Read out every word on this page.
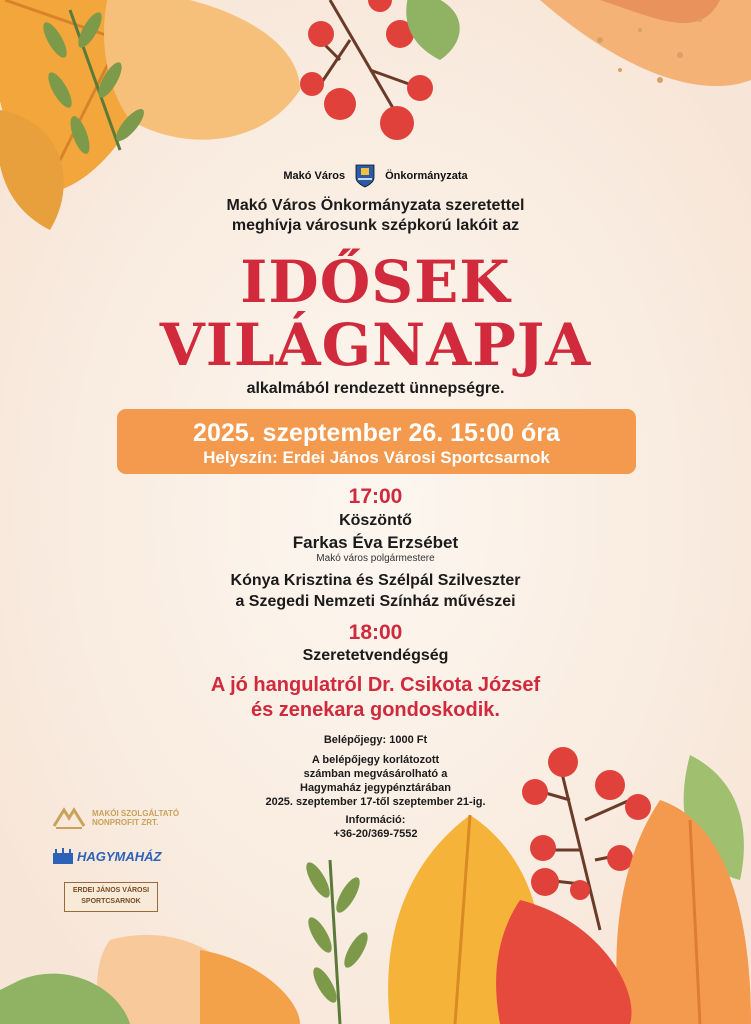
Makó Város	Önkormányzata
Makó Város Önkormányzata szeretettel
meghívja városunk szépkorú lakóit az
IDŐSEK
VILÁGNAPJA
alkalmából rendezett ünnepségre.
2025. szeptember 26. 15:00 óra
Helyszín: Erdei János Városi Sportcsarnok
17:00
Köszöntő
Farkas Éva Erzsébet
Makó város polgármestere
Kónya Krisztina és Szélpál Szilveszter
a Szegedi Nemzeti Színház művészei
18:00
Szeretetvendégség
A jó hangulatról Dr. Csikota József
és zenekara gondoskodik.
Belépőjegy: 1000 Ft
A belépőjegy korlátozott
számban megvásárolható a
Hagymaház jegypénztárában
2025. szeptember 17-től szeptember 21-ig.
Információ:
+36-20/369-7552
MAKÓI SZOLGÁLTATÓ
NONPROFIT ZRT.
HAGYMAHÁZ
ERDEI JÁNOS VÁROSI
SPORTCSARNOK
